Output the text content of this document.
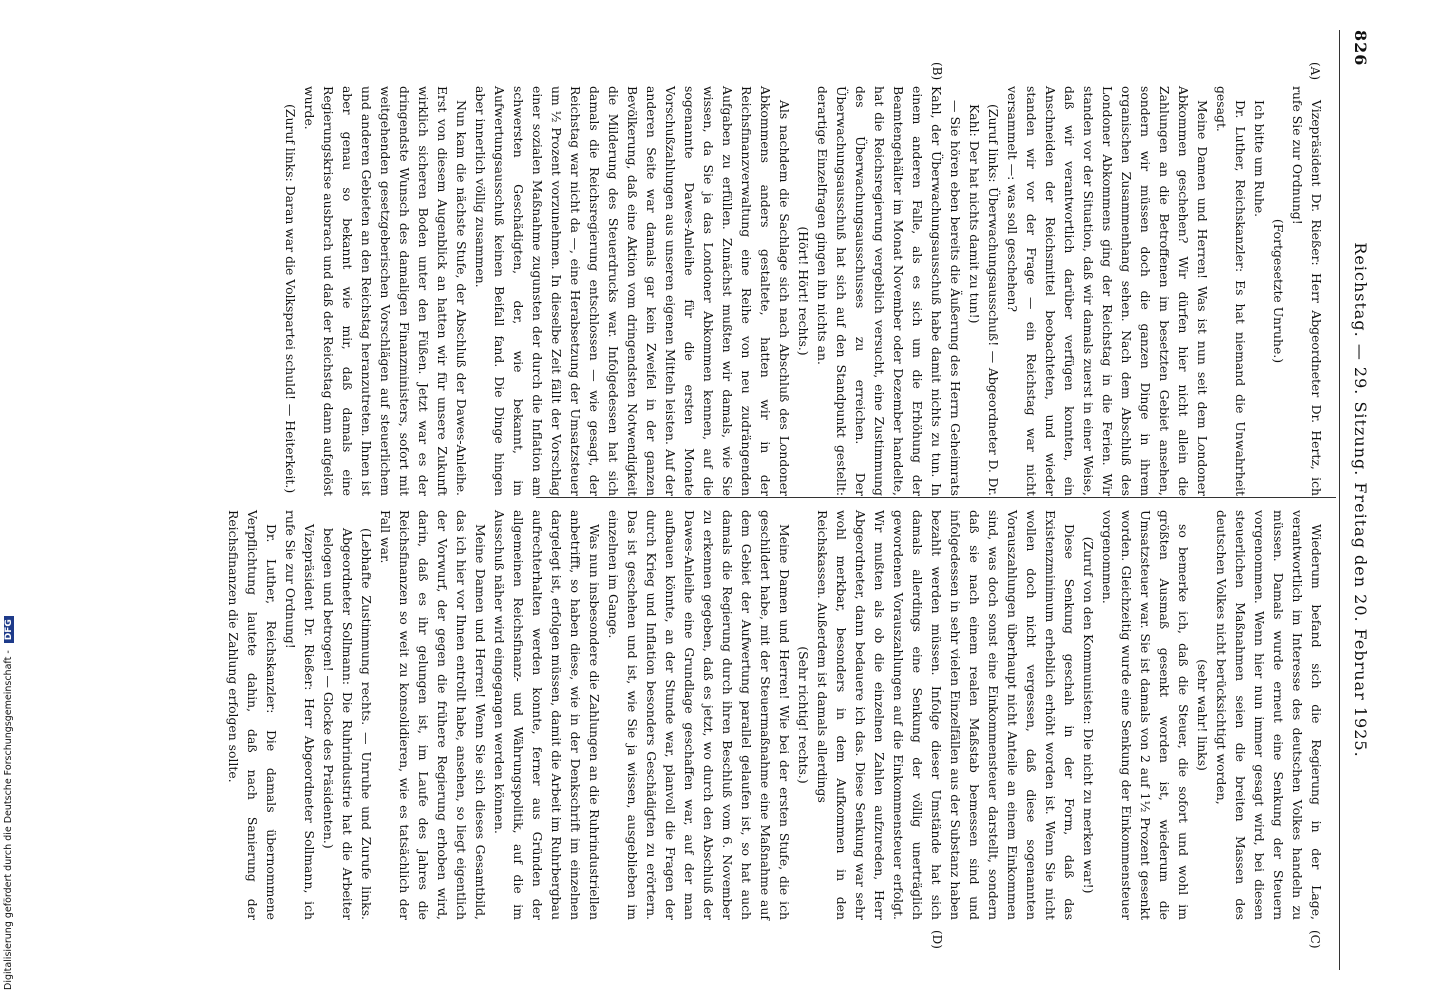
826
Reichstag. — 29. Sitzung. Freitag den 20. Februar 1925.
(A)
(B)
(C)
(D)

Vizepräsident Dr. Rießer: Herr Abgeordneter Dr. Hertz, ich rufe Sie zur Ordnung!

(Fortgesetzte Unruhe.)

Ich bitte um Ruhe.

Dr. Luther, Reichskanzler: Es hat niemand die Unwahrheit gesagt.

Meine Damen und Herren! Was ist nun seit dem Londoner Abkommen geschehen? Wir dürfen hier nicht allein die Zahlungen an die Betroffenen im besetzten Gebiet ansehen, sondern wir müssen doch die ganzen Dinge in ihrem organischen Zusammenhang sehen. Nach dem Abschluß des Londoner Abkommens ging der Reichstag in die Ferien. Wir standen vor der Situation, daß wir damals zuerst in einer Weise, daß wir verantwortlich darüber verfügen konnten, ein Anschneiden der Reichsmittel beobachteten, und wieder standen wir vor der Frage — ein Reichstag war nicht versammelt —: was soll geschehen?

(Zuruf links: Überwachungsausschuß! — Abgeordneter D. Dr. Kahl: Der hat nichts damit zu tun!)

— Sie hören eben bereits die Äußerung des Herrn Geheimrats Kahl, der Überwachungsausschuß habe damit nichts zu tun. In einem anderen Falle, als es sich um die Erhöhung der Beamtengehälter im Monat November oder Dezember handelte, hat die Reichsregierung vergeblich versucht, eine Zustimmung des Überwachungsausschusses zu erreichen. Der Überwachungsausschuß hat sich auf den Standpunkt gestellt: derartige Einzelfragen gingen ihn nichts an.

(Hört! Hört! rechts.)

Als nachdem die Sachlage sich nach Abschluß des Londoner Abkommens anders gestaltete, hatten wir in der Reichsfinanzverwaltung eine Reihe von neu zudrängenden Aufgaben zu erfüllen. Zunächst mußten wir damals, wie Sie wissen, da Sie ja das Londoner Abkommen kennen, auf die sogenannte Dawes-Anleihe für die ersten Monate Vorschußzahlungen aus unseren eigenen Mitteln leisten. Auf der anderen Seite war damals gar kein Zweifel in der ganzen Bevölkerung, daß eine Aktion vom dringendsten Notwendigkeit die Milderung des Steuerdrucks war. Infolgedessen hat sich damals die Reichsregierung entschlossen — wie gesagt, der Reichstag war nicht da —, eine Herabsetzung der Umsatzsteuer um ½ Prozent vorzunehmen. In dieselbe Zeit fällt der Vorschlag einer sozialen Maßnahme zugunsten der durch die Inflation am schwersten Geschädigten, der, wie bekannt, im Aufwertungsausschuß keinen Beifall fand. Die Dinge hingen aber innerlich völlig zusammen.

Nun kam die nächste Stufe, der Abschluß der Dawes-Anleihe. Erst von diesem Augenblick an hatten wir für unsere Zukunft wirklich sicheren Boden unter den Füßen. Jetzt war es der dringendste Wunsch des damaligen Finanzministers, sofort mit weitgehenden gesetzgeberischen Vorschlägen auf steuerlichem und anderen Gebieten an den Reichstag heranzutreten. Ihnen ist aber genau so bekannt wie mir, daß damals eine Regierungskrise ausbrach und daß der Reichstag dann aufgelöst wurde.

(Zuruf links: Daran war die Volkspartei schuld! — Heiterkeit.)

Wiederum befand sich die Regierung in der Lage, verantwortlich im Interesse des deutschen Volkes handeln zu müssen. Damals wurde erneut eine Senkung der Steuern vorgenommen. Wenn hier nun immer gesagt wird, bei diesen steuerlichen Maßnahmen seien die breiten Massen des deutschen Volkes nicht berücksichtigt worden,

(sehr wahr! links)

so bemerke ich, daß die Steuer, die sofort und wohl im größten Ausmaß gesenkt worden ist, wiederum die Umsatzsteuer war. Sie ist damals von 2 auf 1½ Prozent gesenkt worden. Gleichzeitig wurde eine Senkung der Einkommensteuer vorgenommen.

(Zuruf von den Kommunisten: Die nicht zu merken war!)

Diese Senkung geschah in der Form, daß das Existenzminimum erheblich erhöht worden ist. Wenn Sie nicht wollen doch nicht vergessen, daß diese sogenannten Vorauszahlungen überhaupt nicht Anteile an einem Einkommen sind, was doch sonst eine Einkommensteuer darstellt, sondern daß sie nach einem realen Maßstab bemessen sind und infolgedessen in sehr vielen Einzelfällen aus der Substanz haben bezahlt werden müssen. Infolge dieser Umstände hat sich damals allerdings eine Senkung der völlig unerträglich gewordenen Vorauszahlungen auf die Einkommensteuer erfolgt. Wir mußten als ob die einzelnen Zahlen aufzureden, Herr Abgeordneter, dann bedauere ich das. Diese Senkung war sehr wohl merkbar, besonders in dem Aufkommen in den Reichskassen. Außerdem ist damals allerdings

(Sehr richtig! rechts.)

Meine Damen und Herren! Wie bei der ersten Stufe, die ich geschildert habe, mit der Steuermaßnahme eine Maßnahme auf dem Gebiet der Aufwertung parallel gelaufen ist, so hat auch damals die Regierung durch ihren Beschluß vom 6. November zu erkennen gegeben, daß es jetzt, wo durch den Abschluß der Dawes-Anleihe eine Grundlage geschaffen war, auf der man aufbauen könnte, an der Stunde war, planvoll die Fragen der durch Krieg und Inflation besonders Geschädigten zu erörtern. Das ist geschehen und ist, wie Sie ja wissen, ausgeblieben im einzelnen im Gange.

Was nun insbesondere die Zahlungen an die Ruhrindustriellen anbetrifft, so haben diese, wie in der Denkschrift im einzelnen dargelegt ist, erfolgen müssen, damit die Arbeit im Ruhrbergbau aufrechterhalten werden konnte, ferner aus Gründen der allgemeinen Reichsfinanz- und Währungspolitik, auf die im Ausschuß näher wird eingegangen werden können.

Meine Damen und Herren! Wenn Sie sich dieses Gesamtbild, das ich hier vor Ihnen entrollt habe, ansehen, so liegt eigentlich der Vorwurf, der gegen die frühere Regierung erhoben wird, darin, daß es ihr gelungen ist, im Laufe des Jahres die Reichsfinanzen so weit zu konsolidieren, wie es tatsächlich der Fall war.

(Lebhafte Zustimmung rechts. — Unruhe und Zurufe links. Abgeordneter Sollmann: Die Ruhrindustrie hat die Arbeiter belogen und betrogen! — Glocke des Präsidenten.)

Vizepräsident Dr. Rießer: Herr Abgeordneter Sollmann, ich rufe Sie zur Ordnung!

Dr. Luther, Reichskanzler: Die damals übernommene Verpflichtung lautete dahin, daß nach Sanierung der Reichsfinanzen die Zahlung erfolgen sollte.

Digitalisierung gefördert durch die Deutsche Forschungsgemeinschaft - DFG
